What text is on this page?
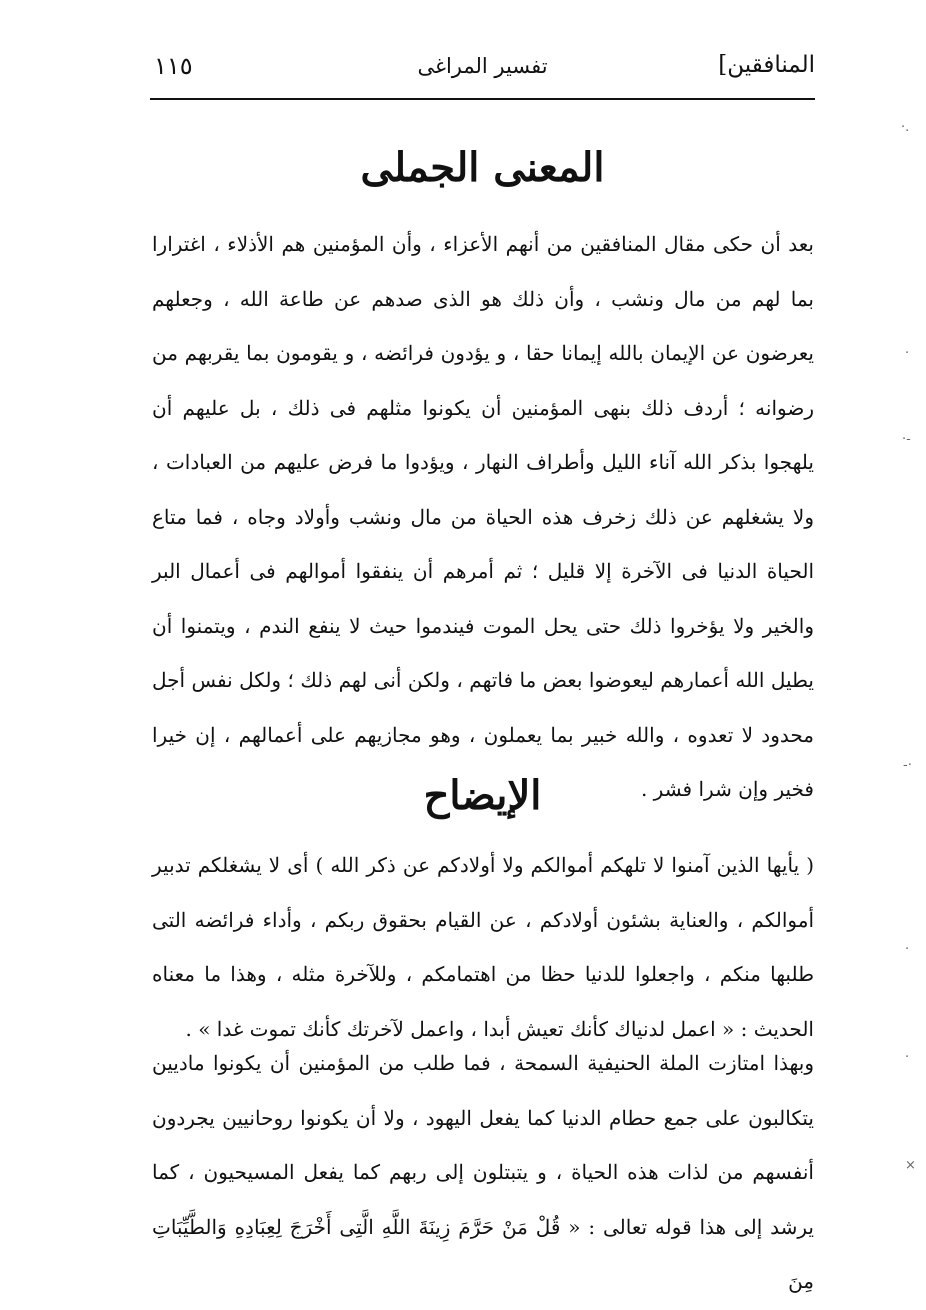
المنافقين]
تفسير المراغى
١١٥
المعنى الجملى

بعد أن حكى مقال المنافقين من أنهم الأعزاء ، وأن المؤمنين هم الأذلاء ، اغترارا بما لهم من مال ونشب ، وأن ذلك هو الذى صدهم عن طاعة الله ، وجعلهم يعرضون عن الإيمان بالله إيمانا حقا ، و يؤدون فرائضه ، و يقومون بما يقربهم من رضوانه ؛ أردف ذلك بنهى المؤمنين أن يكونوا مثلهم فى ذلك ، بل عليهم أن يلهجوا بذكر الله آناء الليل وأطراف النهار ، ويؤدوا ما فرض عليهم من العبادات ، ولا يشغلهم عن ذلك زخرف هذه الحياة من مال ونشب وأولاد وجاه ، فما متاع الحياة الدنيا فى الآخرة إلا قليل ؛ ثم أمرهم أن ينفقوا أموالهم فى أعمال البر والخير ولا يؤخروا ذلك حتى يحل الموت فيندموا حيث لا ينفع الندم ، ويتمنوا أن يطيل الله أعمارهم ليعوضوا بعض ما فاتهم ، ولكن أنى لهم ذلك ؛ ولكل نفس أجل محدود لا تعدوه ، والله خبير بما يعملون ، وهو مجازيهم على أعمالهم ، إن خيرا فخير وإن شرا فشر .

الإيضاح

( يأيها الذين آمنوا لا تلهكم أموالكم ولا أولادكم عن ذكر الله ) أى لا يشغلكم تدبير أموالكم ، والعناية بشئون أولادكم ، عن القيام بحقوق ربكم ، وأداء فرائضه التى طلبها منكم ، واجعلوا للدنيا حظا من اهتمامكم ، وللآخرة مثله ، وهذا ما معناه الحديث : « اعمل لدنياك كأنك تعيش أبدا ، واعمل لآخرتك كأنك تموت غدا » .

وبهذا امتازت الملة الحنيفية السمحة ، فما طلب من المؤمنين أن يكونوا ماديين يتكالبون على جمع حطام الدنيا كما يفعل اليهود ، ولا أن يكونوا روحانيين يجردون أنفسهم من لذات هذه الحياة ، و يتبتلون إلى ربهم كما يفعل المسيحيون ، كما يرشد إلى هذا قوله تعالى : « قُلْ مَنْ حَرَّمَ زِينَةَ اللَّهِ الَّتِى أَخْرَجَ لِعِبَادِهِ وَالطَّيِّبَاتِ مِنَ

·.
·
·-
-·
·
·
×
